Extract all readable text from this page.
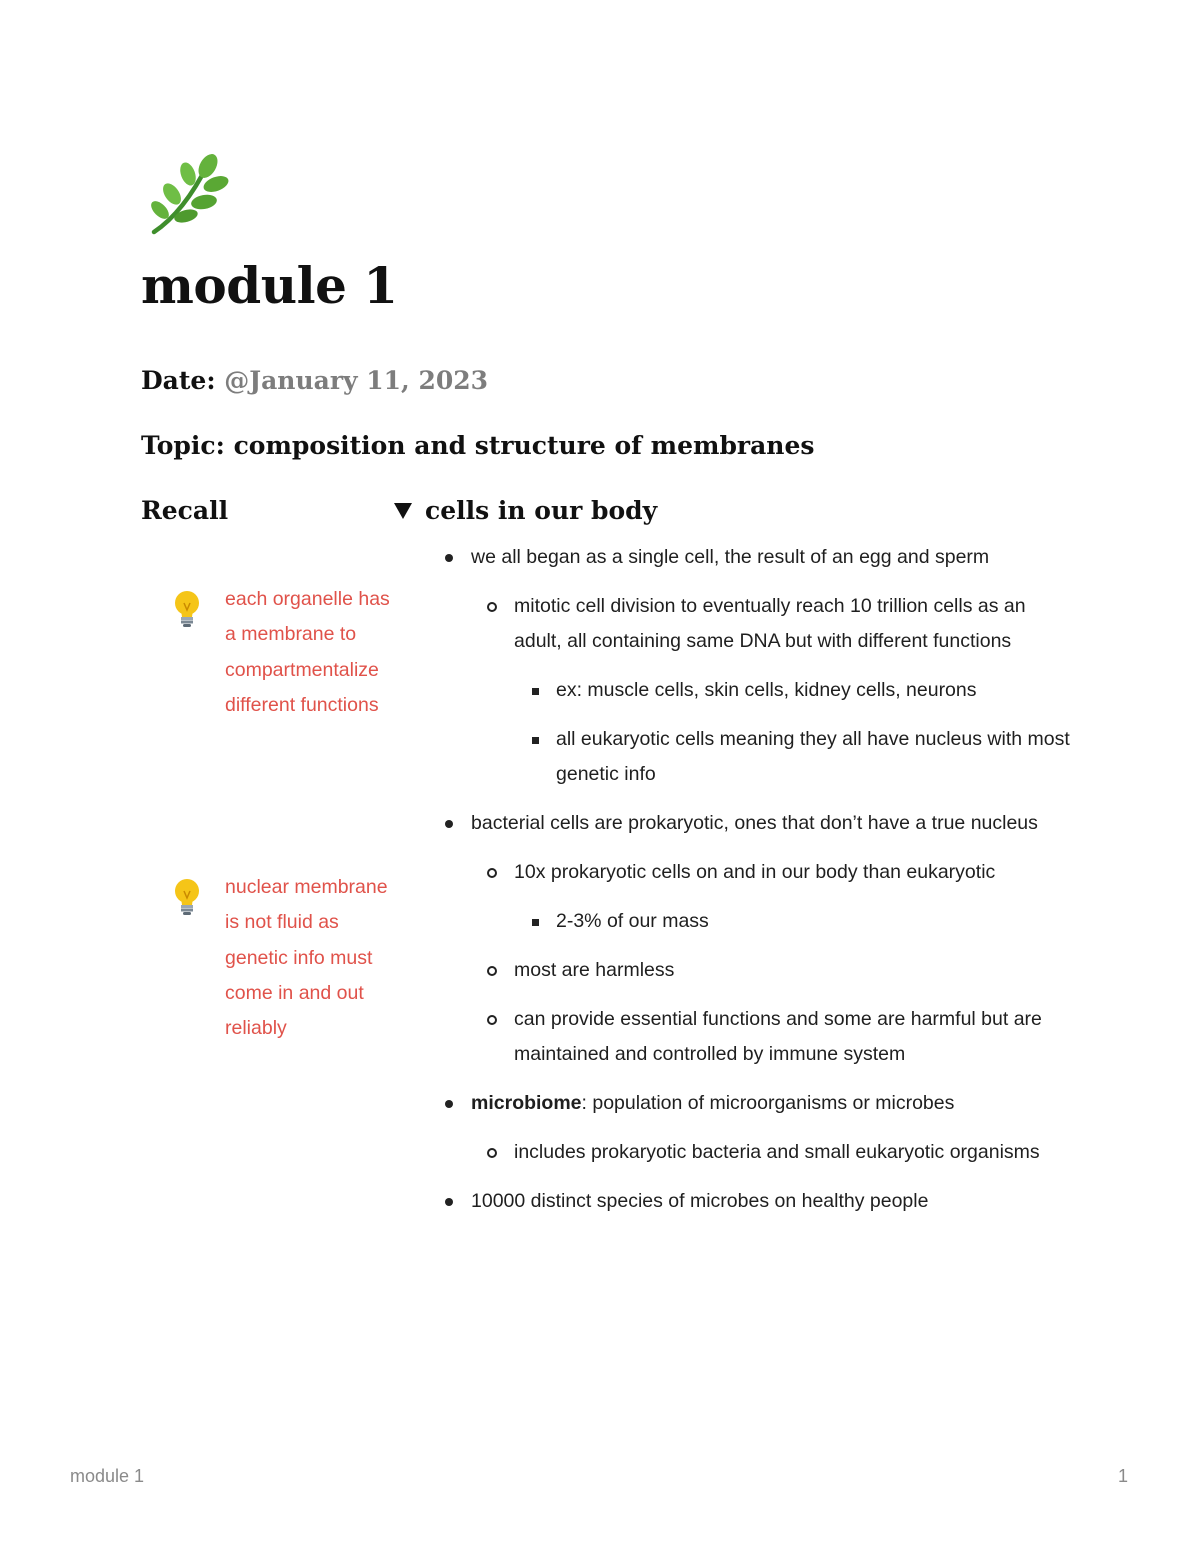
module 1
Date: @January 11, 2023
Topic: composition and structure of membranes
Recall	cells in our body
each organelle has a membrane to compartmentalize different functions
nuclear membrane is not fluid as genetic info must come in and out reliably
we all began as a single cell, the result of an egg and sperm
mitotic cell division to eventually reach 10 trillion cells as an adult, all containing same DNA but with different functions
ex: muscle cells, skin cells, kidney cells, neurons
all eukaryotic cells meaning they all have nucleus with most genetic info
bacterial cells are prokaryotic, ones that don’t have a true nucleus
10x prokaryotic cells on and in our body than eukaryotic
2-3% of our mass
most are harmless
can provide essential functions and some are harmful but are maintained and controlled by immune system
microbiome: population of microorganisms or microbes
includes prokaryotic bacteria and small eukaryotic organisms
10000 distinct species of microbes on healthy people
module 1	1
